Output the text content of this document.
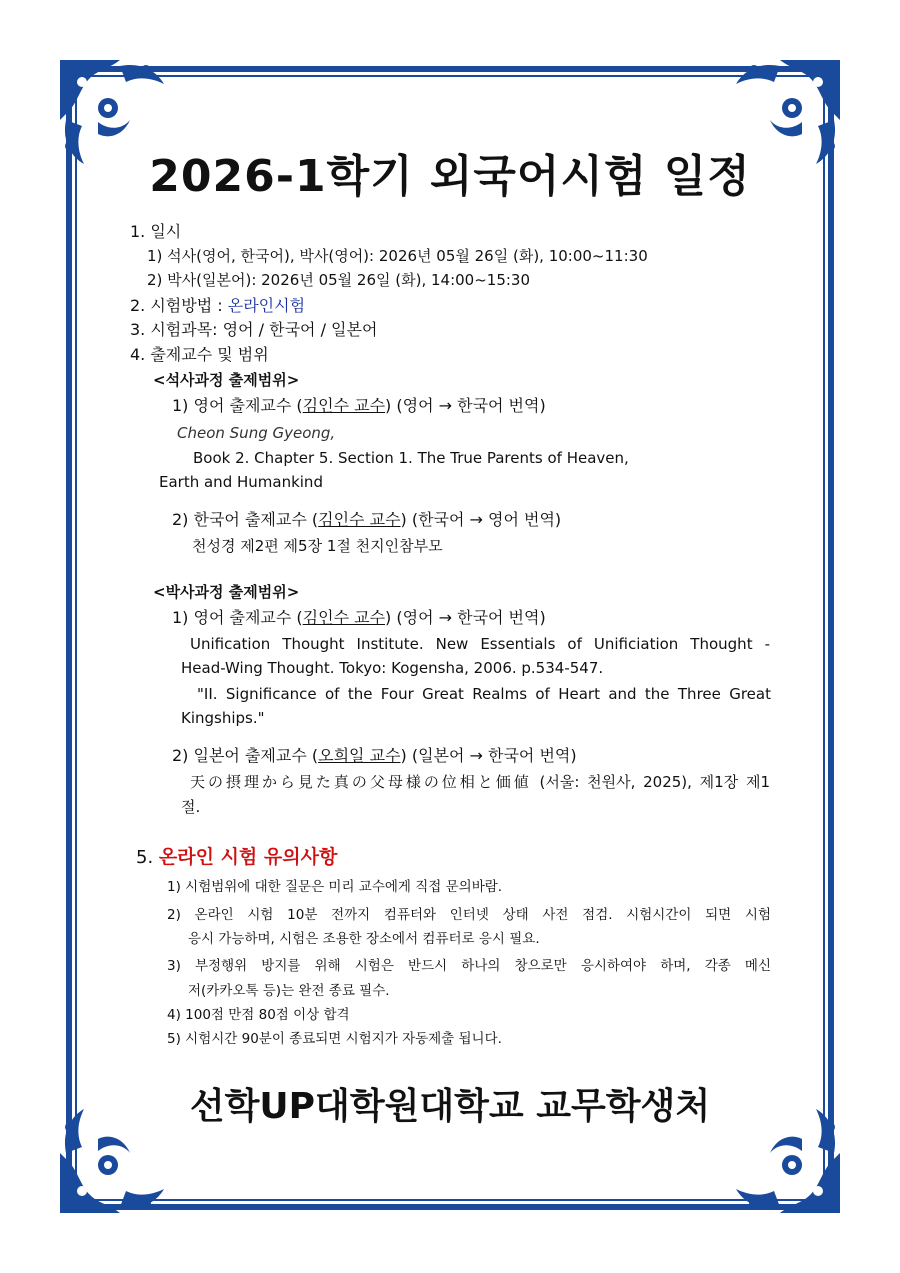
2026-1학기 외국어시험 일정
1. 일시
1) 석사(영어, 한국어), 박사(영어): 2026년 05월 26일 (화), 10:00~11:30
2) 박사(일본어): 2026년 05월 26일 (화), 14:00~15:30
2. 시험방법 : 온라인시험
3. 시험과목: 영어 / 한국어 / 일본어
4. 출제교수 및 범위
<석사과정 출제범위>
1) 영어 출제교수 (김인수 교수) (영어 → 한국어 번역)
Cheon Sung Gyeong,
Book 2. Chapter 5. Section 1. The True Parents of Heaven,
Earth and Humankind
2) 한국어 출제교수 (김인수 교수) (한국어 → 영어 번역)
천성경 제2편 제5장 1절 천지인참부모
<박사과정 출제범위>
1) 영어 출제교수 (김인수 교수) (영어 → 한국어 번역)
Unification Thought Institute. New Essentials of Unificiation Thought -
Head-Wing Thought. Tokyo: Kogensha, 2006. p.534-547.
"II. Significance of the Four Great Realms of Heart and the Three Great
Kingships."
2) 일본어 출제교수 (오희일 교수) (일본어 → 한국어 번역)
天の摂理から見た真の父母様の位相と価値 (서울: 천원사, 2025), 제1장 제1
절.
5. 온라인 시험 유의사항
1) 시험범위에 대한 질문은 미리 교수에게 직접 문의바람.
2) 온라인 시험 10분 전까지 컴퓨터와 인터넷 상태 사전 점검. 시험시간이 되면 시험
응시 가능하며, 시험은 조용한 장소에서 컴퓨터로 응시 필요.
3) 부정행위 방지를 위해 시험은 반드시 하나의 창으로만 응시하여야 하며, 각종 메신
저(카카오톡 등)는 완전 종료 필수.
4) 100점 만점 80점 이상 합격
5) 시험시간 90분이 종료되면 시험지가 자동제출 됩니다.
선학UP대학원대학교 교무학생처
